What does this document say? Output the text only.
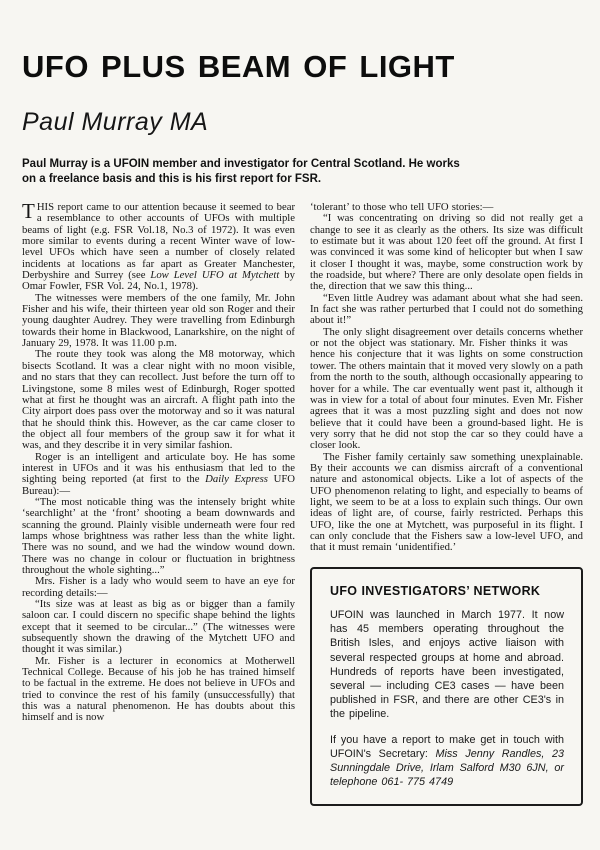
UFO PLUS BEAM OF LIGHT
Paul Murray MA

Paul Murray is a UFOIN member and investigator for Central Scotland. He works on a freelance basis and this is his first report for FSR.

THIS report came to our attention because it seemed to bear a resemblance to other accounts of UFOs with multiple beams of light (e.g. FSR Vol.18, No.3 of 1972). It was even more similar to events during a recent Winter wave of low-level UFOs which have seen a number of closely related incidents at locations as far apart as Greater Manchester, Derbyshire and Surrey (see Low Level UFO at Mytchett by Omar Fowler, FSR Vol. 24, No.1, 1978).

The witnesses were members of the one family, Mr. John Fisher and his wife, their thirteen year old son Roger and their young daughter Audrey. They were travelling from Edinburgh towards their home in Blackwood, Lanarkshire, on the night of January 29, 1978. It was 11.00 p.m.

The route they took was along the M8 motorway, which bisects Scotland. It was a clear night with no moon visible, and no stars that they can recollect. Just before the turn off to Livingstone, some 8 miles west of Edinburgh, Roger spotted what at first he thought was an aircraft. A flight path into the City airport does pass over the motorway and so it was natural that he should think this. However, as the car came closer to the object all four members of the group saw it for what it was, and they describe it in very similar fashion.

Roger is an intelligent and articulate boy. He has some interest in UFOs and it was his enthusiasm that led to the sighting being reported (at first to the Daily Express UFO Bureau):—

“The most noticable thing was the intensely bright white ‘searchlight’ at the ‘front’ shooting a beam downwards and scanning the ground. Plainly visible underneath were four red lamps whose brightness was rather less than the white light. There was no sound, and we had the window wound down. There was no change in colour or fluctuation in brightness throughout the whole sighting...”

Mrs. Fisher is a lady who would seem to have an eye for recording details:—

“Its size was at least as big as or bigger than a family saloon car. I could discern no specific shape behind the lights except that it seemed to be circular...” (The witnesses were subsequently shown the drawing of the Mytchett UFO and thought it was similar.)

Mr. Fisher is a lecturer in economics at Motherwell Technical College. Because of his job he has trained himself to be factual in the extreme. He does not believe in UFOs and tried to convince the rest of his family (unsuccessfully) that this was a natural phenomenon. He has doubts about this himself and is now

‘tolerant’ to those who tell UFO stories:—

“I was concentrating on driving so did not really get a change to see it as clearly as the others. Its size was difficult to estimate but it was about 120 feet off the ground. At first I was convinced it was some kind of helicopter but when I saw it closer I thought it was, maybe, some construction work by the roadside, but where? There are only desolate open fields in the, direction that we saw this thing...

“Even little Audrey was adamant about what she had seen. In fact she was rather perturbed that I could not do something about it!”

The only slight disagreement over details concerns whether or not the object was stationary. Mr. Fisher thinks it was  hence his conjecture that it was lights on some construction tower. The others maintain that it moved very slowly on a path from the north to the south, although occasionally appearing to hover for a while. The car eventually went past it, although it was in view for a total of about four minutes. Even Mr. Fisher agrees that it was a most puzzling sight and does not now believe that it could have been a ground-based light. He is very sorry that he did not stop the car so they could have a closer look.

The Fisher family certainly saw something unexplainable. By their accounts we can dismiss aircraft of a conventional nature and astonomical objects. Like a lot of aspects of the UFO phenomenon relating to light, and especially to beams of light, we seem to be at a loss to explain such things. Our own ideas of light are, of course, fairly restricted. Perhaps this UFO, like the one at Mytchett, was purposeful in its flight. I can only conclude that the Fishers saw a low-level UFO, and that it must remain ‘unidentified.’

UFO INVESTIGATORS’ NETWORK

UFOIN was launched in March 1977. It now has 45 members operating throughout the British Isles, and enjoys active liaison with several respected groups at home and abroad. Hundreds of reports have been investigated, several — including CE3 cases — have been published in FSR, and there are other CE3's in the pipeline.

If you have a report to make get in touch with UFOIN's Secretary: Miss Jenny Randles, 23 Sunningdale Drive, Irlam Salford M30 6JN, or telephone 061- 775 4749
